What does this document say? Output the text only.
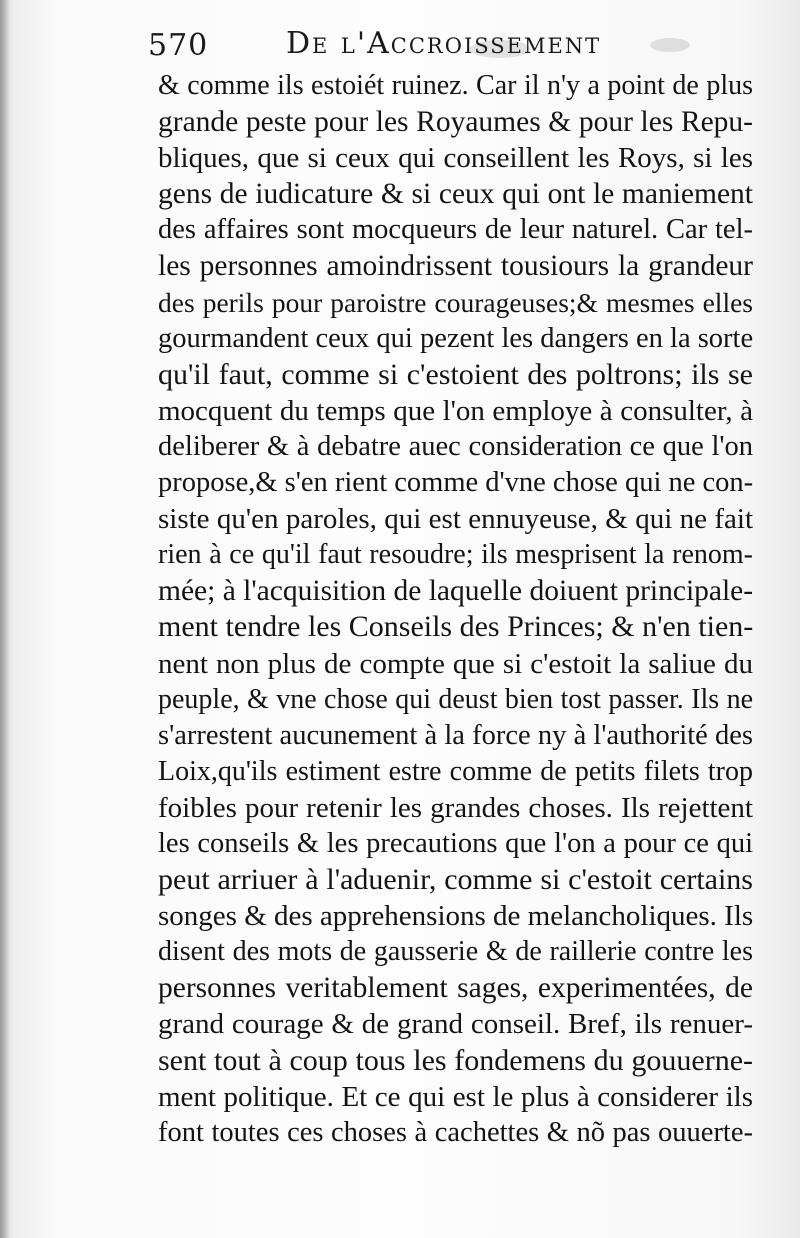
570	De l'Accroissement
& comme ils estoiét ruinez. Car il n'y a point de plus
grande peste pour les Royaumes & pour les Repu-
bliques, que si ceux qui conseillent les Roys, si les
gens de iudicature & si ceux qui ont le maniement
des affaires sont mocqueurs de leur naturel. Car tel-
les personnes amoindrissent tousiours la grandeur
des perils pour paroistre courageuses;& mesmes elles
gourmandent ceux qui pezent les dangers en la sorte
qu'il faut, comme si c'estoient des poltrons; ils se
mocquent du temps que l'on employe à consulter, à
deliberer & à debatre auec consideration ce que l'on
propose,& s'en rient comme d'vne chose qui ne con-
siste qu'en paroles, qui est ennuyeuse, & qui ne fait
rien à ce qu'il faut resoudre; ils mesprisent la renom-
mée; à l'acquisition de laquelle doiuent principale-
ment tendre les Conseils des Princes; & n'en tien-
nent non plus de compte que si c'estoit la saliue du
peuple, & vne chose qui deust bien tost passer. Ils ne
s'arrestent aucunement à la force ny à l'authorité des
Loix,qu'ils estiment estre comme de petits filets trop
foibles pour retenir les grandes choses. Ils rejettent
les conseils & les precautions que l'on a pour ce qui
peut arriuer à l'aduenir, comme si c'estoit certains
songes & des apprehensions de melancholiques. Ils
disent des mots de gausserie & de raillerie contre les
personnes veritablement sages, experimentées, de
grand courage & de grand conseil. Bref, ils renuer-
sent tout à coup tous les fondemens du gouuerne-
ment politique. Et ce qui est le plus à considerer ils
font toutes ces choses à cachettes & nõ pas ouuerte-
